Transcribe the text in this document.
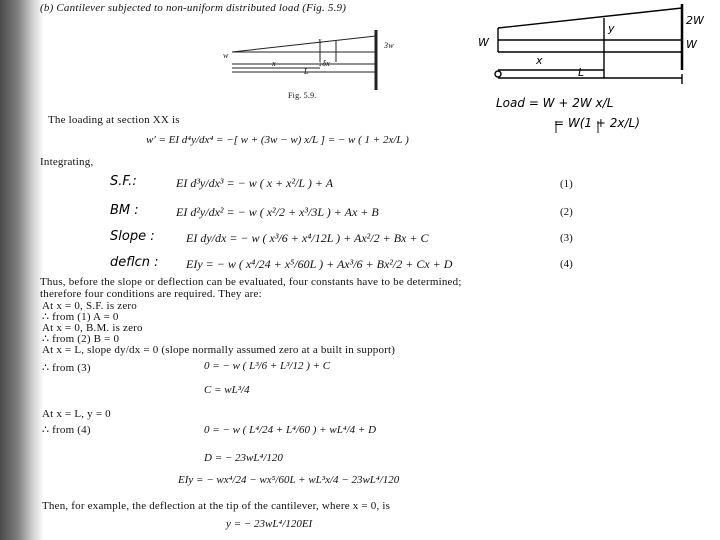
(b) Cantilever subjected to non-uniform distributed load (Fig. 5.9)
w
x
x	↓δx
L
3w
Fig. 5.9.
2W
W	W
y
x
L
The loading at section XX is
w′ = EI d⁴y/dx⁴ = −[ w + (3w − w) x/L ] = − w ( 1 + 2x/L )
Load = W + 2W x/L
= W(1 + 2x/L)
Integrating,
S.F.:	EI d³y/dx³ = − w ( x + x²/L ) + A	(1)
BM :	EI d²y/dx² = − w ( x²/2 + x³/3L ) + Ax + B	(2)
Slope :	EI dy/dx = − w ( x³/6 + x⁴/12L ) + Ax²/2 + Bx + C	(3)
deflcn : EIy = − w ( x⁴/24 + x⁵/60L ) + Ax³/6 + Bx²/2 + Cx + D	(4)
Thus, before the slope or deflection can be evaluated, four constants have to be determined;
therefore four conditions are required. They are:
At x = 0, S.F. is zero
∴ from (1) A = 0
At x = 0, B.M. is zero
∴ from (2) B = 0
At x = L, slope dy/dx = 0 (slope normally assumed zero at a built in support)
∴ from (3)	0 = − w ( L³/6 + L³/12 ) + C
C = wL³/4
At x = L, y = 0
∴ from (4)	0 = − w ( L⁴/24 + L⁴/60 ) + wL⁴/4 + D
D = − 23wL⁴/120
EIy = − wx⁴/24 − wx⁵/60L + wL³x/4 − 23wL⁴/120
Then, for example, the deflection at the tip of the cantilever, where x = 0, is
y = − 23wL⁴/120EI
